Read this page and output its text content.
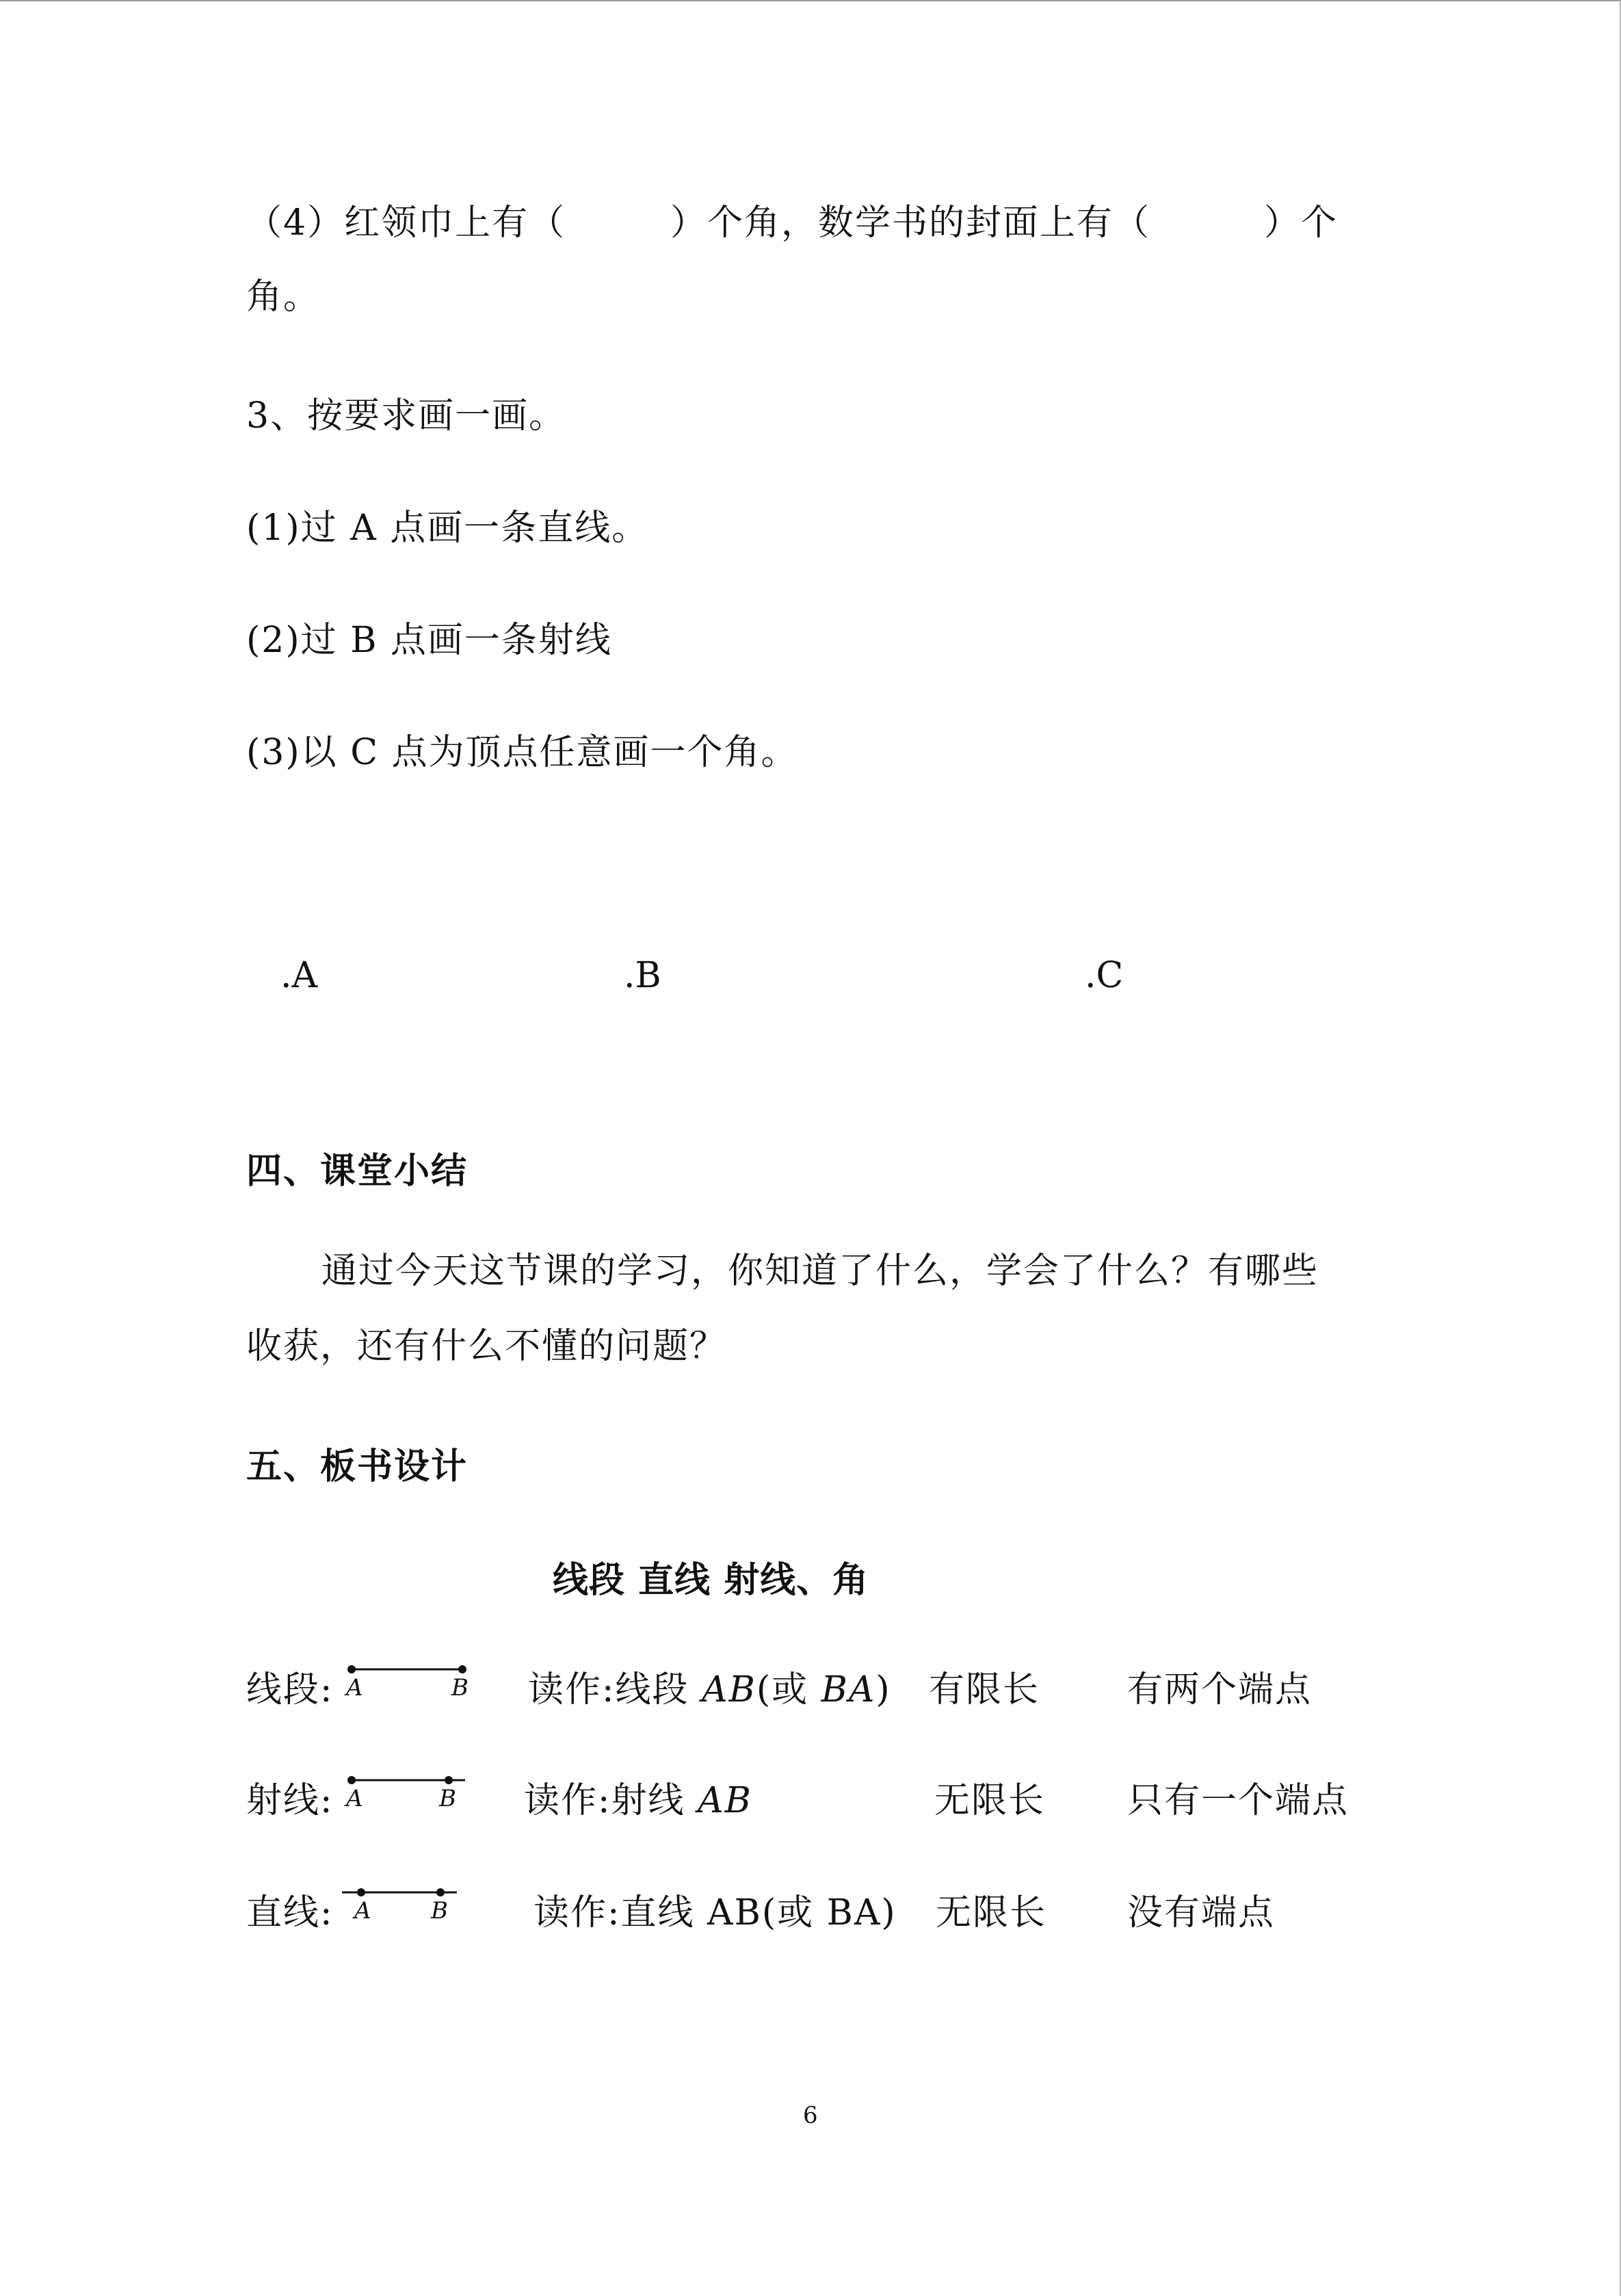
（4）红领巾上有（	）个角，数学书的封面上有（	）个
角。
3、按要求画一画。
(1)过 A 点画一条直线。
(2)过 B 点画一条射线
(3)以 C 点为顶点任意画一个角。
.A	.B	.C
四、课堂小结
通过今天这节课的学习，你知道了什么，学会了什么？有哪些
收获，还有什么不懂的问题？
五、板书设计
线段 直线 射线、角
线段: A	B 读作:线段 AB(或 BA) 有限长 有两个端点
射线: A	B 读作:射线 AB	无限长 只有一个端点
直线: A	B 读作:直线 AB(或 BA) 无限长 没有端点
6
